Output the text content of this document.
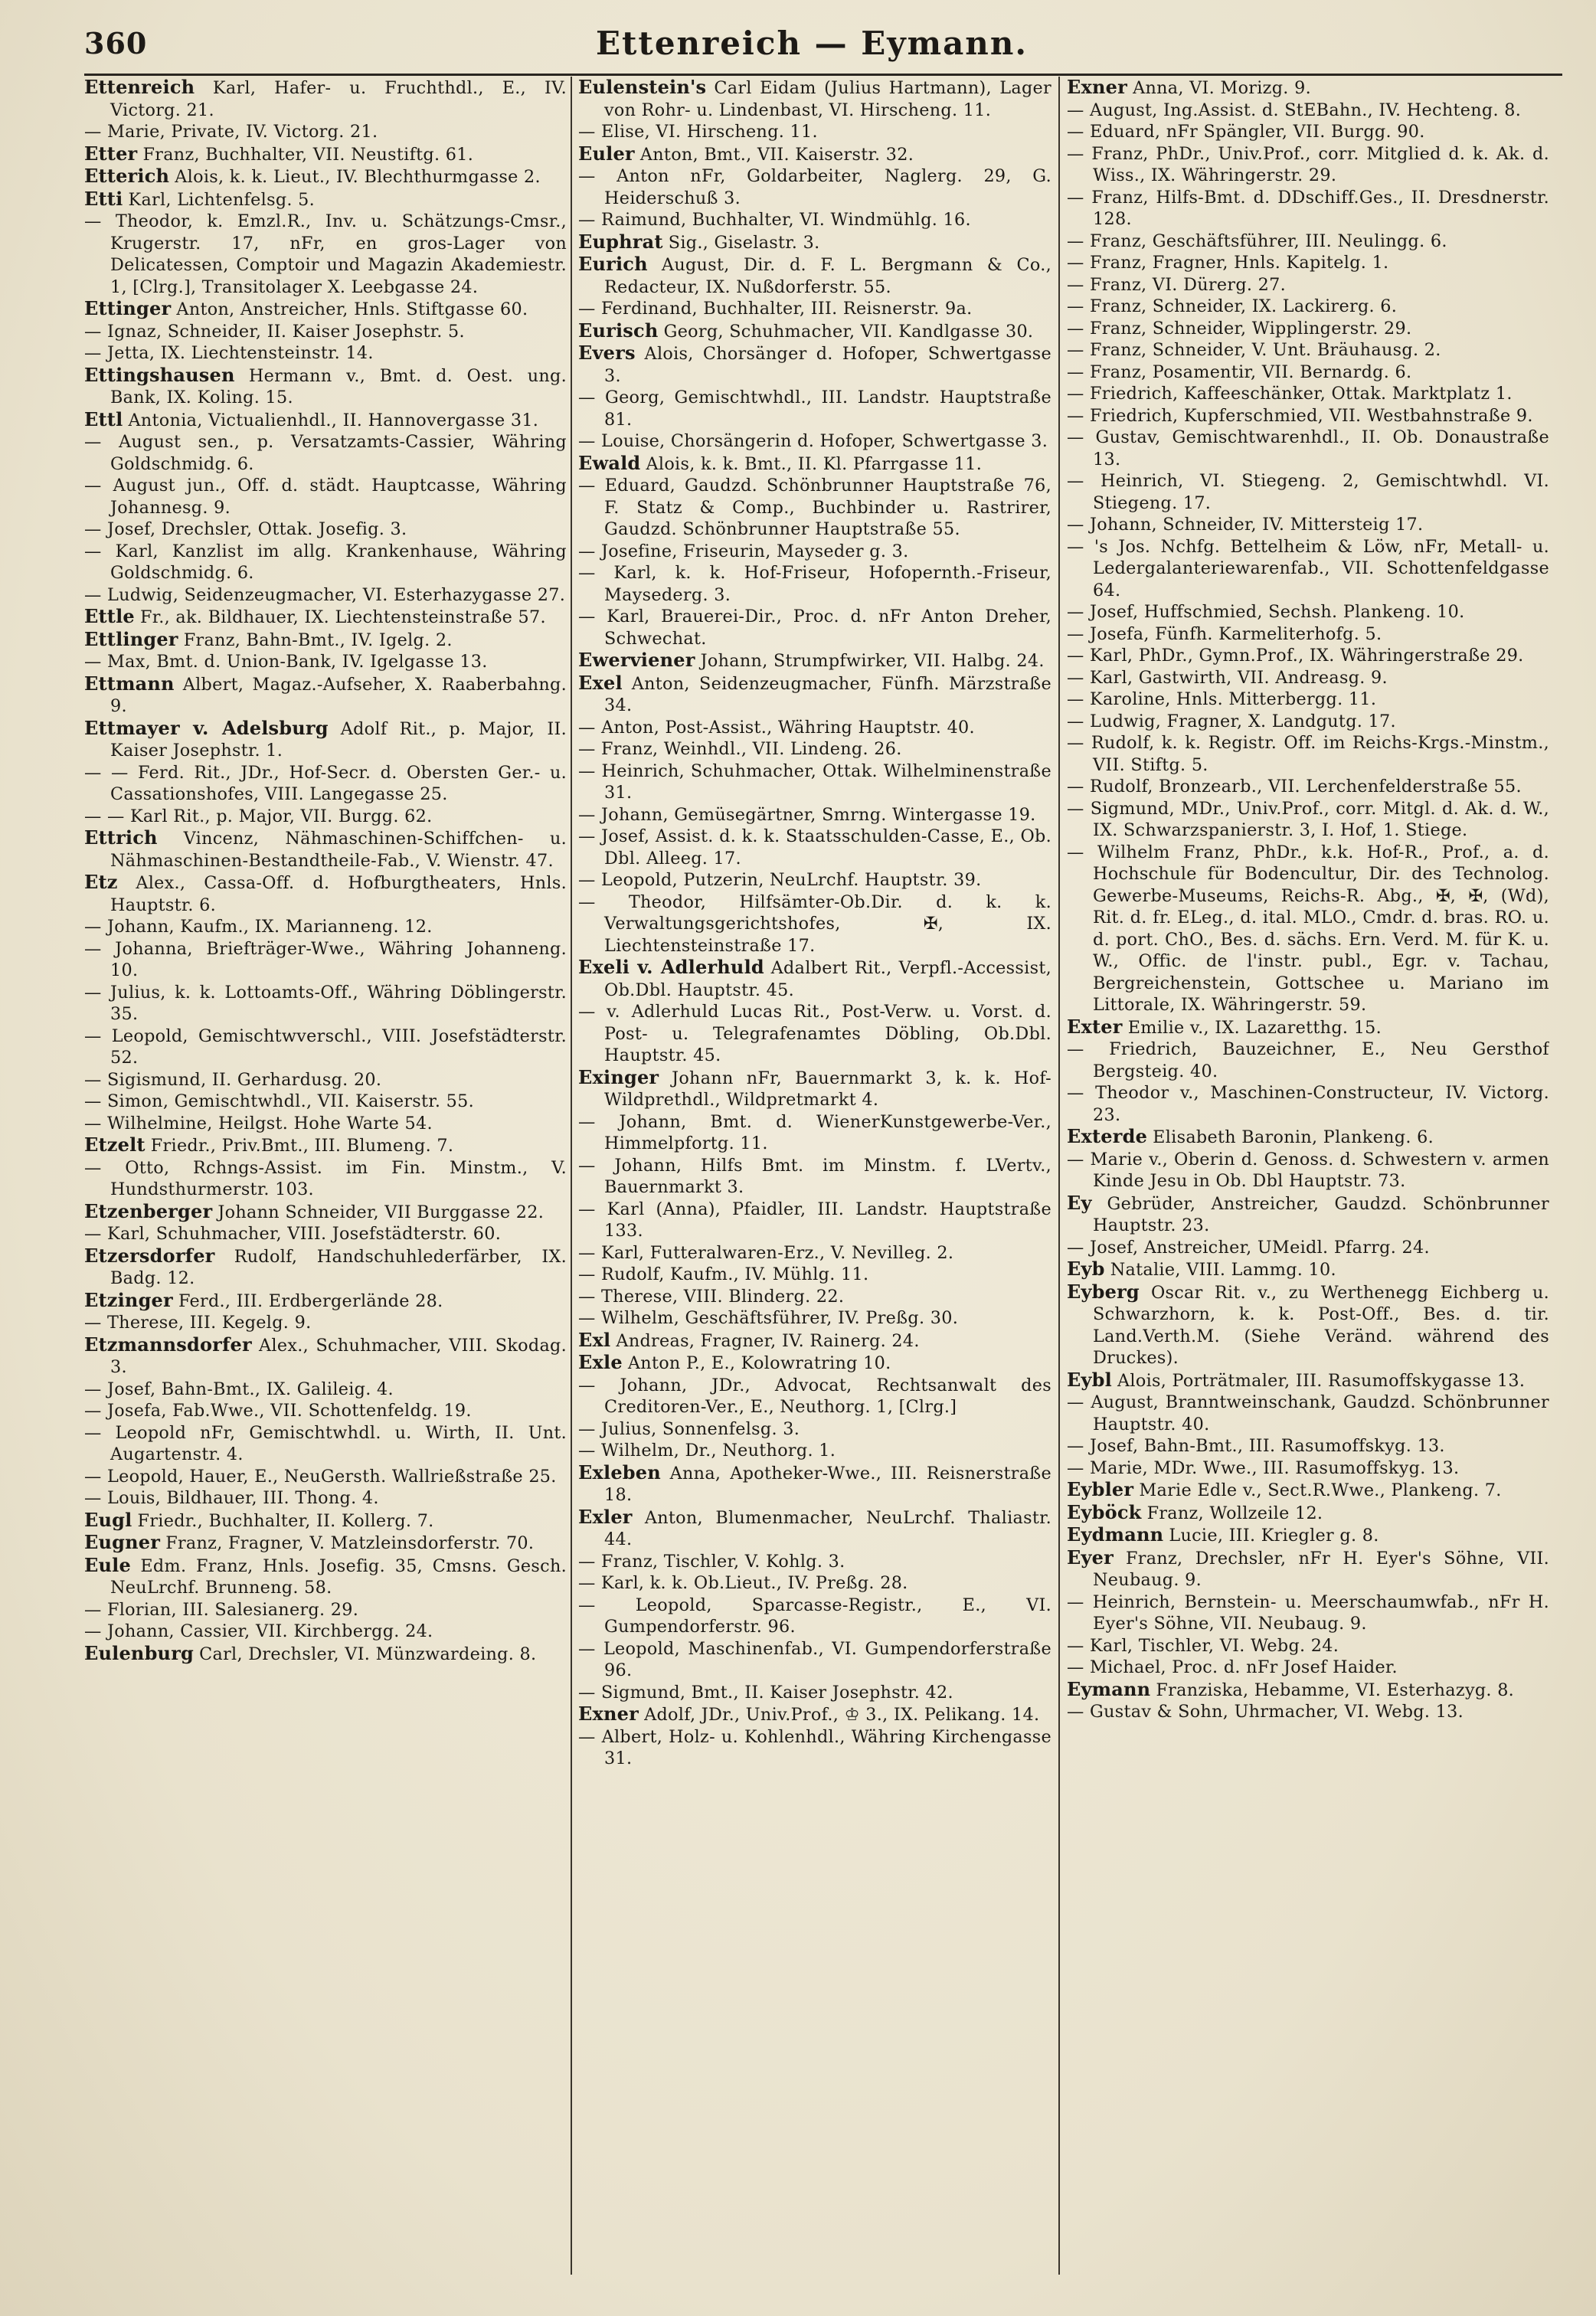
360	Ettenreich — Eymann.

Ettenreich Karl, Hafer- u. Fruchthdl., E., IV. Victorg. 21.

— Marie, Private, IV. Victorg. 21.

Etter Franz, Buchhalter, VII. Neustiftg. 61.

Etterich Alois, k. k. Lieut., IV. Blechthurmgasse 2.

Etti Karl, Lichtenfelsg. 5.

— Theodor, k. Emzl.R., Inv. u. Schätzungs-Cmsr., Krugerstr. 17, nFr, en gros-Lager von Delicatessen, Comptoir und Magazin Akademiestr. 1, [Clrg.], Transitolager X. Leebgasse 24.

Ettinger Anton, Anstreicher, Hnls. Stiftgasse 60.

— Ignaz, Schneider, II. Kaiser Josephstr. 5.

— Jetta, IX. Liechtensteinstr. 14.

Ettingshausen Hermann v., Bmt. d. Oest. ung. Bank, IX. Koling. 15.

Ettl Antonia, Victualienhdl., II. Hannovergasse 31.

— August sen., p. Versatzamts-Cassier, Währing Goldschmidg. 6.

— August jun., Off. d. städt. Hauptcasse, Währing Johannesg. 9.

— Josef, Drechsler, Ottak. Josefig. 3.

— Karl, Kanzlist im allg. Krankenhause, Währing Goldschmidg. 6.

— Ludwig, Seidenzeugmacher, VI. Esterhazygasse 27.

Ettle Fr., ak. Bildhauer, IX. Liechtensteinstraße 57.

Ettlinger Franz, Bahn-Bmt., IV. Igelg. 2.

— Max, Bmt. d. Union-Bank, IV. Igelgasse 13.

Ettmann Albert, Magaz.-Aufseher, X. Raaberbahng. 9.

Ettmayer v. Adelsburg Adolf Rit., p. Major, II. Kaiser Josephstr. 1.

— — Ferd. Rit., JDr., Hof-Secr. d. Obersten Ger.- u. Cassationshofes, VIII. Langegasse 25.

— — Karl Rit., p. Major, VII. Burgg. 62.

Ettrich Vincenz, Nähmaschinen-Schiffchen- u. Nähmaschinen-Bestandtheile-Fab., V. Wienstr. 47.

Etz Alex., Cassa-Off. d. Hofburgtheaters, Hnls. Hauptstr. 6.

— Johann, Kaufm., IX. Marianneng. 12.

— Johanna, Briefträger-Wwe., Währing Johanneng. 10.

— Julius, k. k. Lottoamts-Off., Währing Döblingerstr. 35.

— Leopold, Gemischtwverschl., VIII. Josefstädterstr. 52.

— Sigismund, II. Gerhardusg. 20.

— Simon, Gemischtwhdl., VII. Kaiserstr. 55.

— Wilhelmine, Heilgst. Hohe Warte 54.

Etzelt Friedr., Priv.Bmt., III. Blumeng. 7.

— Otto, Rchngs-Assist. im Fin. Minstm., V. Hundsthurmerstr. 103.

Etzenberger Johann Schneider, VII Burggasse 22.

— Karl, Schuhmacher, VIII. Josefstädterstr. 60.

Etzersdorfer Rudolf, Handschuhlederfärber, IX. Badg. 12.

Etzinger Ferd., III. Erdbergerlände 28.

— Therese, III. Kegelg. 9.

Etzmannsdorfer Alex., Schuhmacher, VIII. Skodag. 3.

— Josef, Bahn-Bmt., IX. Galileig. 4.

— Josefa, Fab.Wwe., VII. Schottenfeldg. 19.

— Leopold nFr, Gemischtwhdl. u. Wirth, II. Unt. Augartenstr. 4.

— Leopold, Hauer, E., NeuGersth. Wallrießstraße 25.

— Louis, Bildhauer, III. Thong. 4.

Eugl Friedr., Buchhalter, II. Kollerg. 7.

Eugner Franz, Fragner, V. Matzleinsdorferstr. 70.

Eule Edm. Franz, Hnls. Josefig. 35, Cmsns. Gesch. NeuLrchf. Brunneng. 58.

— Florian, III. Salesianerg. 29.

— Johann, Cassier, VII. Kirchbergg. 24.

Eulenburg Carl, Drechsler, VI. Münzwardeing. 8.

Eulenstein's Carl Eidam (Julius Hartmann), Lager von Rohr- u. Lindenbast, VI. Hirscheng. 11.

— Elise, VI. Hirscheng. 11.

Euler Anton, Bmt., VII. Kaiserstr. 32.

— Anton nFr, Goldarbeiter, Naglerg. 29, G. Heiderschuß 3.

— Raimund, Buchhalter, VI. Windmühlg. 16.

Euphrat Sig., Giselastr. 3.

Eurich August, Dir. d. F. L. Bergmann & Co., Redacteur, IX. Nußdorferstr. 55.

— Ferdinand, Buchhalter, III. Reisnerstr. 9a.

Eurisch Georg, Schuhmacher, VII. Kandlgasse 30.

Evers Alois, Chorsänger d. Hofoper, Schwertgasse 3.

— Georg, Gemischtwhdl., III. Landstr. Hauptstraße 81.

— Louise, Chorsängerin d. Hofoper, Schwertgasse 3.

Ewald Alois, k. k. Bmt., II. Kl. Pfarrgasse 11.

— Eduard, Gaudzd. Schönbrunner Hauptstraße 76, F. Statz & Comp., Buchbinder u. Rastrirer, Gaudzd. Schönbrunner Hauptstraße 55.

— Josefine, Friseurin, Mayseder g. 3.

— Karl, k. k. Hof-Friseur, Hofopernth.-Friseur, Maysederg. 3.

— Karl, Brauerei-Dir., Proc. d. nFr Anton Dreher, Schwechat.

Ewerviener Johann, Strumpfwirker, VII. Halbg. 24.

Exel Anton, Seidenzeugmacher, Fünfh. Märzstraße 34.

— Anton, Post-Assist., Währing Hauptstr. 40.

— Franz, Weinhdl., VII. Lindeng. 26.

— Heinrich, Schuhmacher, Ottak. Wilhelminenstraße 31.

— Johann, Gemüsegärtner, Smrng. Wintergasse 19.

— Josef, Assist. d. k. k. Staatsschulden-Casse, E., Ob. Dbl. Alleeg. 17.

— Leopold, Putzerin, NeuLrchf. Hauptstr. 39.

— Theodor, Hilfsämter-Ob.Dir. d. k. k. Verwaltungsgerichtshofes, ✠, IX. Liechtensteinstraße 17.

Exeli v. Adlerhuld Adalbert Rit., Verpfl.-Accessist, Ob.Dbl. Hauptstr. 45.

— v. Adlerhuld Lucas Rit., Post-Verw. u. Vorst. d. Post- u. Telegrafenamtes Döbling, Ob.Dbl. Hauptstr. 45.

Exinger Johann nFr, Bauernmarkt 3, k. k. Hof-Wildprethdl., Wildpretmarkt 4.

— Johann, Bmt. d. WienerKunstgewerbe-Ver., Himmelpfortg. 11.

— Johann, Hilfs Bmt. im Minstm. f. LVertv., Bauernmarkt 3.

— Karl (Anna), Pfaidler, III. Landstr. Hauptstraße 133.

— Karl, Futteralwaren-Erz., V. Nevilleg. 2.

— Rudolf, Kaufm., IV. Mühlg. 11.

— Therese, VIII. Blinderg. 22.

— Wilhelm, Geschäftsführer, IV. Preßg. 30.

Exl Andreas, Fragner, IV. Rainerg. 24.

Exle Anton P., E., Kolowratring 10.

— Johann, JDr., Advocat, Rechtsanwalt des Creditoren-Ver., E., Neuthorg. 1, [Clrg.]

— Julius, Sonnenfelsg. 3.

— Wilhelm, Dr., Neuthorg. 1.

Exleben Anna, Apotheker-Wwe., III. Reisnerstraße 18.

Exler Anton, Blumenmacher, NeuLrchf. Thaliastr. 44.

— Franz, Tischler, V. Kohlg. 3.

— Karl, k. k. Ob.Lieut., IV. Preßg. 28.

— Leopold, Sparcasse-Registr., E., VI. Gumpendorferstr. 96.

— Leopold, Maschinenfab., VI. Gumpendorferstraße 96.

— Sigmund, Bmt., II. Kaiser Josephstr. 42.

Exner Adolf, JDr., Univ.Prof., ♔ 3., IX. Pelikang. 14.

— Albert, Holz- u. Kohlenhdl., Währing Kirchengasse 31.

Exner Anna, VI. Morizg. 9.

— August, Ing.Assist. d. StEBahn., IV. Hechteng. 8.

— Eduard, nFr Spängler, VII. Burgg. 90.

— Franz, PhDr., Univ.Prof., corr. Mitglied d. k. Ak. d. Wiss., IX. Währingerstr. 29.

— Franz, Hilfs-Bmt. d. DDschiff.Ges., II. Dresdnerstr. 128.

— Franz, Geschäftsführer, III. Neulingg. 6.

— Franz, Fragner, Hnls. Kapitelg. 1.

— Franz, VI. Dürerg. 27.

— Franz, Schneider, IX. Lackirerg. 6.

— Franz, Schneider, Wipplingerstr. 29.

— Franz, Schneider, V. Unt. Bräuhausg. 2.

— Franz, Posamentir, VII. Bernardg. 6.

— Friedrich, Kaffeeschänker, Ottak. Marktplatz 1.

— Friedrich, Kupferschmied, VII. Westbahnstraße 9.

— Gustav, Gemischtwarenhdl., II. Ob. Donaustraße 13.

— Heinrich, VI. Stiegeng. 2, Gemischtwhdl. VI. Stiegeng. 17.

— Johann, Schneider, IV. Mittersteig 17.

— 's Jos. Nchfg. Bettelheim & Löw, nFr, Metall- u. Ledergalanteriewarenfab., VII. Schottenfeldgasse 64.

— Josef, Huffschmied, Sechsh. Plankeng. 10.

— Josefa, Fünfh. Karmeliterhofg. 5.

— Karl, PhDr., Gymn.Prof., IX. Währingerstraße 29.

— Karl, Gastwirth, VII. Andreasg. 9.

— Karoline, Hnls. Mitterbergg. 11.

— Ludwig, Fragner, X. Landgutg. 17.

— Rudolf, k. k. Registr. Off. im Reichs-Krgs.-Minstm., VII. Stiftg. 5.

— Rudolf, Bronzearb., VII. Lerchenfelderstraße 55.

— Sigmund, MDr., Univ.Prof., corr. Mitgl. d. Ak. d. W., IX. Schwarzspanierstr. 3, I. Hof, 1. Stiege.

— Wilhelm Franz, PhDr., k.k. Hof-R., Prof., a. d. Hochschule für Bodencultur, Dir. des Technolog. Gewerbe-Museums, Reichs-R. Abg., ✠, ✠, (Wd), Rit. d. fr. ELeg., d. ital. MLO., Cmdr. d. bras. RO. u. d. port. ChO., Bes. d. sächs. Ern. Verd. M. für K. u. W., Offic. de l'instr. publ., Egr. v. Tachau, Bergreichenstein, Gottschee u. Mariano im Littorale, IX. Währingerstr. 59.

Exter Emilie v., IX. Lazaretthg. 15.

— Friedrich, Bauzeichner, E., Neu Gersthof Bergsteig. 40.

— Theodor v., Maschinen-Constructeur, IV. Victorg. 23.

Exterde Elisabeth Baronin, Plankeng. 6.

— Marie v., Oberin d. Genoss. d. Schwestern v. armen Kinde Jesu in Ob. Dbl Hauptstr. 73.

Ey Gebrüder, Anstreicher, Gaudzd. Schönbrunner Hauptstr. 23.

— Josef, Anstreicher, UMeidl. Pfarrg. 24.

Eyb Natalie, VIII. Lammg. 10.

Eyberg Oscar Rit. v., zu Werthenegg Eichberg u. Schwarzhorn, k. k. Post-Off., Bes. d. tir. Land.Verth.M. (Siehe Veränd. während des Druckes).

Eybl Alois, Porträtmaler, III. Rasumoffskygasse 13.

— August, Branntweinschank, Gaudzd. Schönbrunner Hauptstr. 40.

— Josef, Bahn-Bmt., III. Rasumoffskyg. 13.

— Marie, MDr. Wwe., III. Rasumoffskyg. 13.

Eybler Marie Edle v., Sect.R.Wwe., Plankeng. 7.

Eyböck Franz, Wollzeile 12.

Eydmann Lucie, III. Kriegler g. 8.

Eyer Franz, Drechsler, nFr H. Eyer's Söhne, VII. Neubaug. 9.

— Heinrich, Bernstein- u. Meerschaumwfab., nFr H. Eyer's Söhne, VII. Neubaug. 9.

— Karl, Tischler, VI. Webg. 24.

— Michael, Proc. d. nFr Josef Haider.

Eymann Franziska, Hebamme, VI. Esterhazyg. 8.

— Gustav & Sohn, Uhrmacher, VI. Webg. 13.
